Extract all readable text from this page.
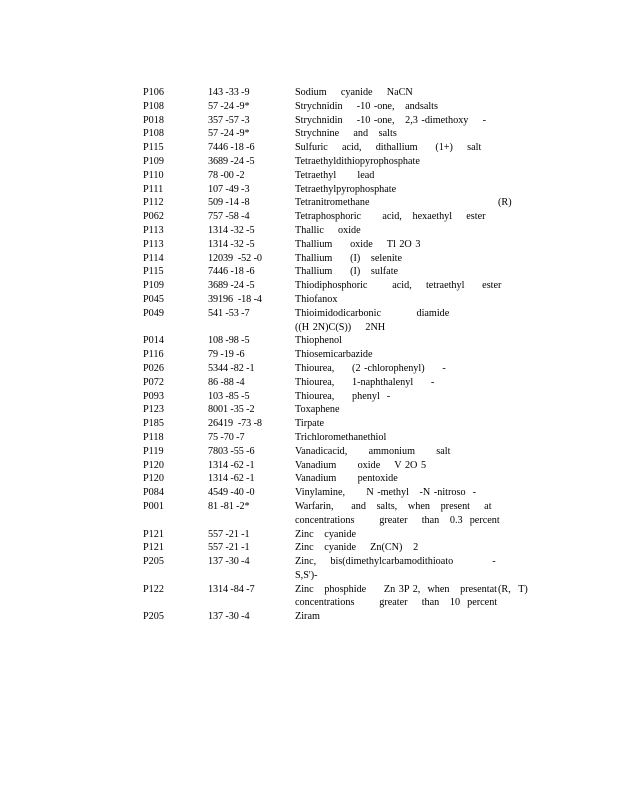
P106	143 -33 -9	Sodium    cyanide    NaCN
P108	57 -24 -9*	Strychnidin    -10 -one,   andsalts
P018	357 -57 -3	Strychnidin    -10 -one,   2,3 -dimethoxy    -
P108	57 -24 -9*	Strychnine    and   salts
P115	7446 -18 -6	Sulfuric    acid,    dithallium     (1+)    salt
P109	3689 -24 -5	Tetraethyldithiopyrophosphate
P110	78 -00 -2	Tetraethyl      lead
P111	107 -49 -3	Tetraethylpyrophosphate
P112	509 -14 -8	Tetranitromethane	(R)
P062	757 -58 -4	Tetraphosphoric      acid,   hexaethyl    ester
P113	1314 -32 -5	Thallic    oxide
P113	1314 -32 -5	Thallium     oxide    Tl 2O 3
P114	12039  -52 -0	Thallium     (I)   selenite
P115	7446 -18 -6	Thallium     (I)   sulfate
P109	3689 -24 -5	Thiodiphosphoric       acid,    tetraethyl     ester
P045	39196  -18 -4	Thiofanox
P049	541 -53 -7	Thioimidodicarbonic          diamide
((H 2N)C(S))    2NH
P014	108 -98 -5	Thiophenol
P116	79 -19 -6	Thiosemicarbazide
P026	5344 -82 -1	Thiourea,     (2 -chlorophenyl)     -
P072	86 -88 -4	Thiourea,     1-naphthalenyl     -
P093	103 -85 -5	Thiourea,     phenyl  -
P123	8001 -35 -2	Toxaphene
P185	26419  -73 -8	Tirpate
P118	75 -70 -7	Trichloromethanethiol
P119	7803 -55 -6	Vanadicacid,      ammonium      salt
P120	1314 -62 -1	Vanadium      oxide    V 2O 5
P120	1314 -62 -1	Vanadium      pentoxide
P084	4549 -40 -0	Vinylamine,      N -methyl   -N -nitroso  -
P001	81 -81 -2*	Warfarin,     and   salts,   when   present    at
concentrations       greater    than   0.3  percent
P121	557 -21 -1	Zinc   cyanide
P121	557 -21 -1	Zinc   cyanide    Zn(CN)   2
P205	137 -30 -4	Zinc,    bis(dimethylcarbamodithioato           -
S,S')-
P122	1314 -84 -7	Zinc   phosphide     Zn 3P 2,  when   presentat
concentrations       greater    than   10  percent
(R,   T)
P205	137 -30 -4	Ziram
